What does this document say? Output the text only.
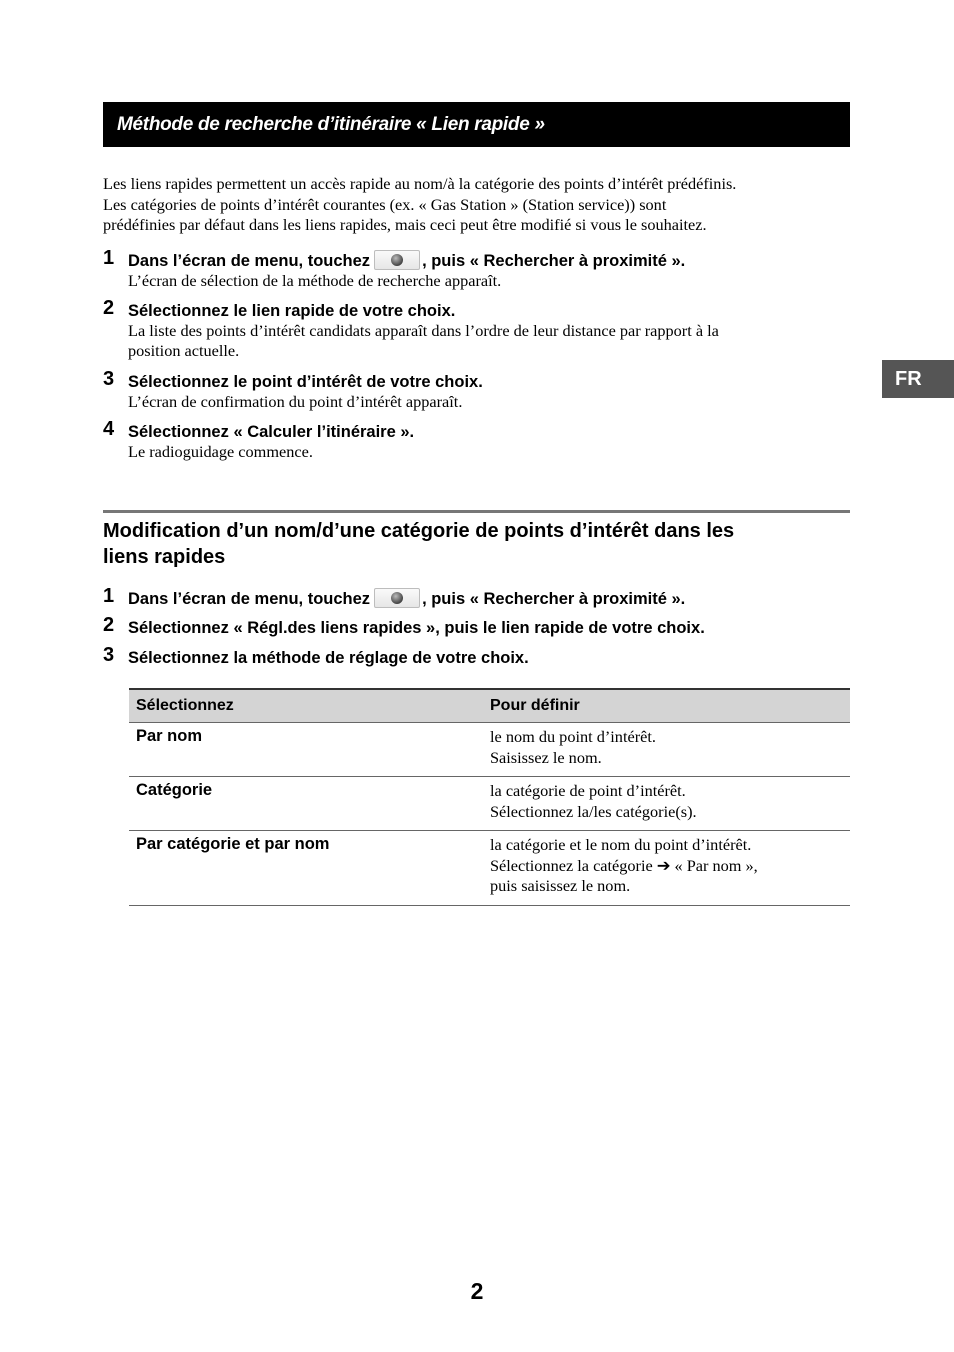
Méthode de recherche d’itinéraire « Lien rapide »
Les liens rapides permettent un accès rapide au nom/à la catégorie des points d’intérêt prédéfinis.
Les catégories de points d’intérêt courantes (ex. « Gas Station » (Station service)) sont
prédéfinies par défaut dans les liens rapides, mais ceci peut être modifié si vous le souhaitez.
1 Dans l’écran de menu, touchez	, puis « Rechercher à proximité ».
L’écran de sélection de la méthode de recherche apparaît.
2 Sélectionnez le lien rapide de votre choix.
La liste des points d’intérêt candidats apparaît dans l’ordre de leur distance par rapport à la
position actuelle.
3 Sélectionnez le point d’intérêt de votre choix.
L’écran de confirmation du point d’intérêt apparaît.
4 Sélectionnez « Calculer l’itinéraire ».
Le radioguidage commence.
Modification d’un nom/d’une catégorie de points d’intérêt dans les
liens rapides
1 Dans l’écran de menu, touchez	, puis « Rechercher à proximité ».
2 Sélectionnez « Régl.des liens rapides », puis le lien rapide de votre choix.
3 Sélectionnez la méthode de réglage de votre choix.
Sélectionnez	Pour définir
Par nom	le nom du point d’intérêt.
Saisissez le nom.

Catégorie	la catégorie de point d’intérêt.
Sélectionnez la/les catégorie(s).

Par catégorie et par nom	la catégorie et le nom du point d’intérêt.
Sélectionnez la catégorie ➔ « Par nom »,
puis saisissez le nom.
FR
2
